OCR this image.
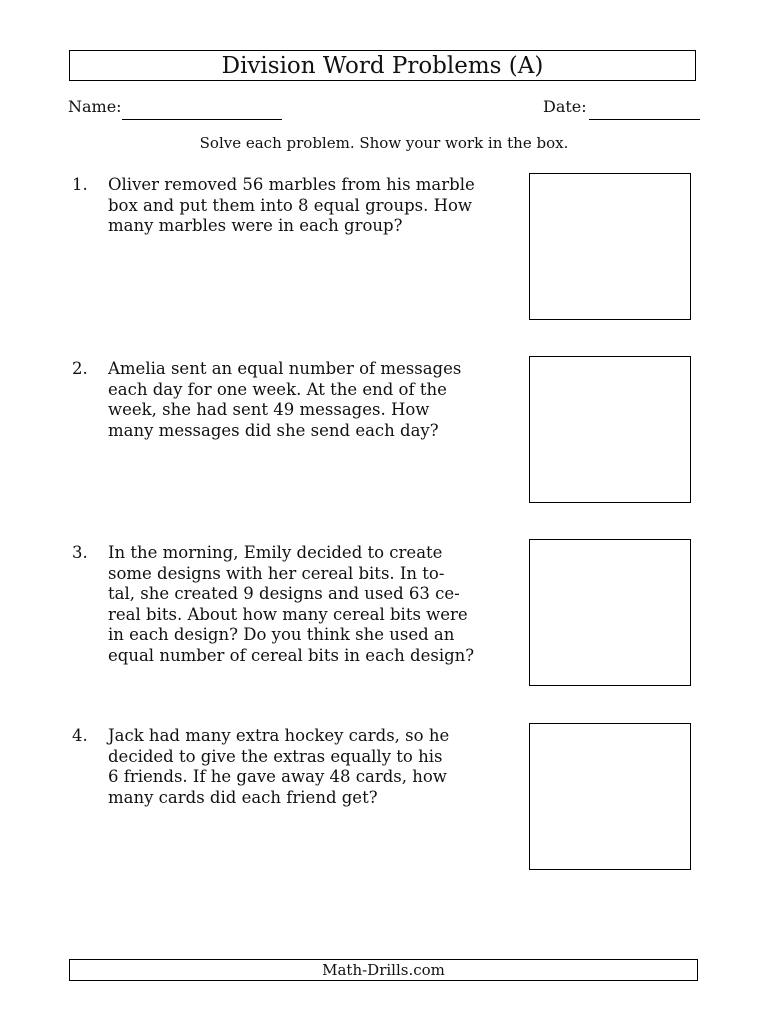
Division Word Problems (A)
Name:	Date:
Solve each problem. Show your work in the box.
1. Oliver removed 56 marbles from his marble
box and put them into 8 equal groups. How
many marbles were in each group?
2. Amelia sent an equal number of messages
each day for one week. At the end of the
week, she had sent 49 messages. How
many messages did she send each day?
3. In the morning, Emily decided to create
some designs with her cereal bits. In to-
tal, she created 9 designs and used 63 ce-
real bits. About how many cereal bits were
in each design? Do you think she used an
equal number of cereal bits in each design?
4. Jack had many extra hockey cards, so he
decided to give the extras equally to his
6 friends. If he gave away 48 cards, how
many cards did each friend get?
Math-Drills.com
